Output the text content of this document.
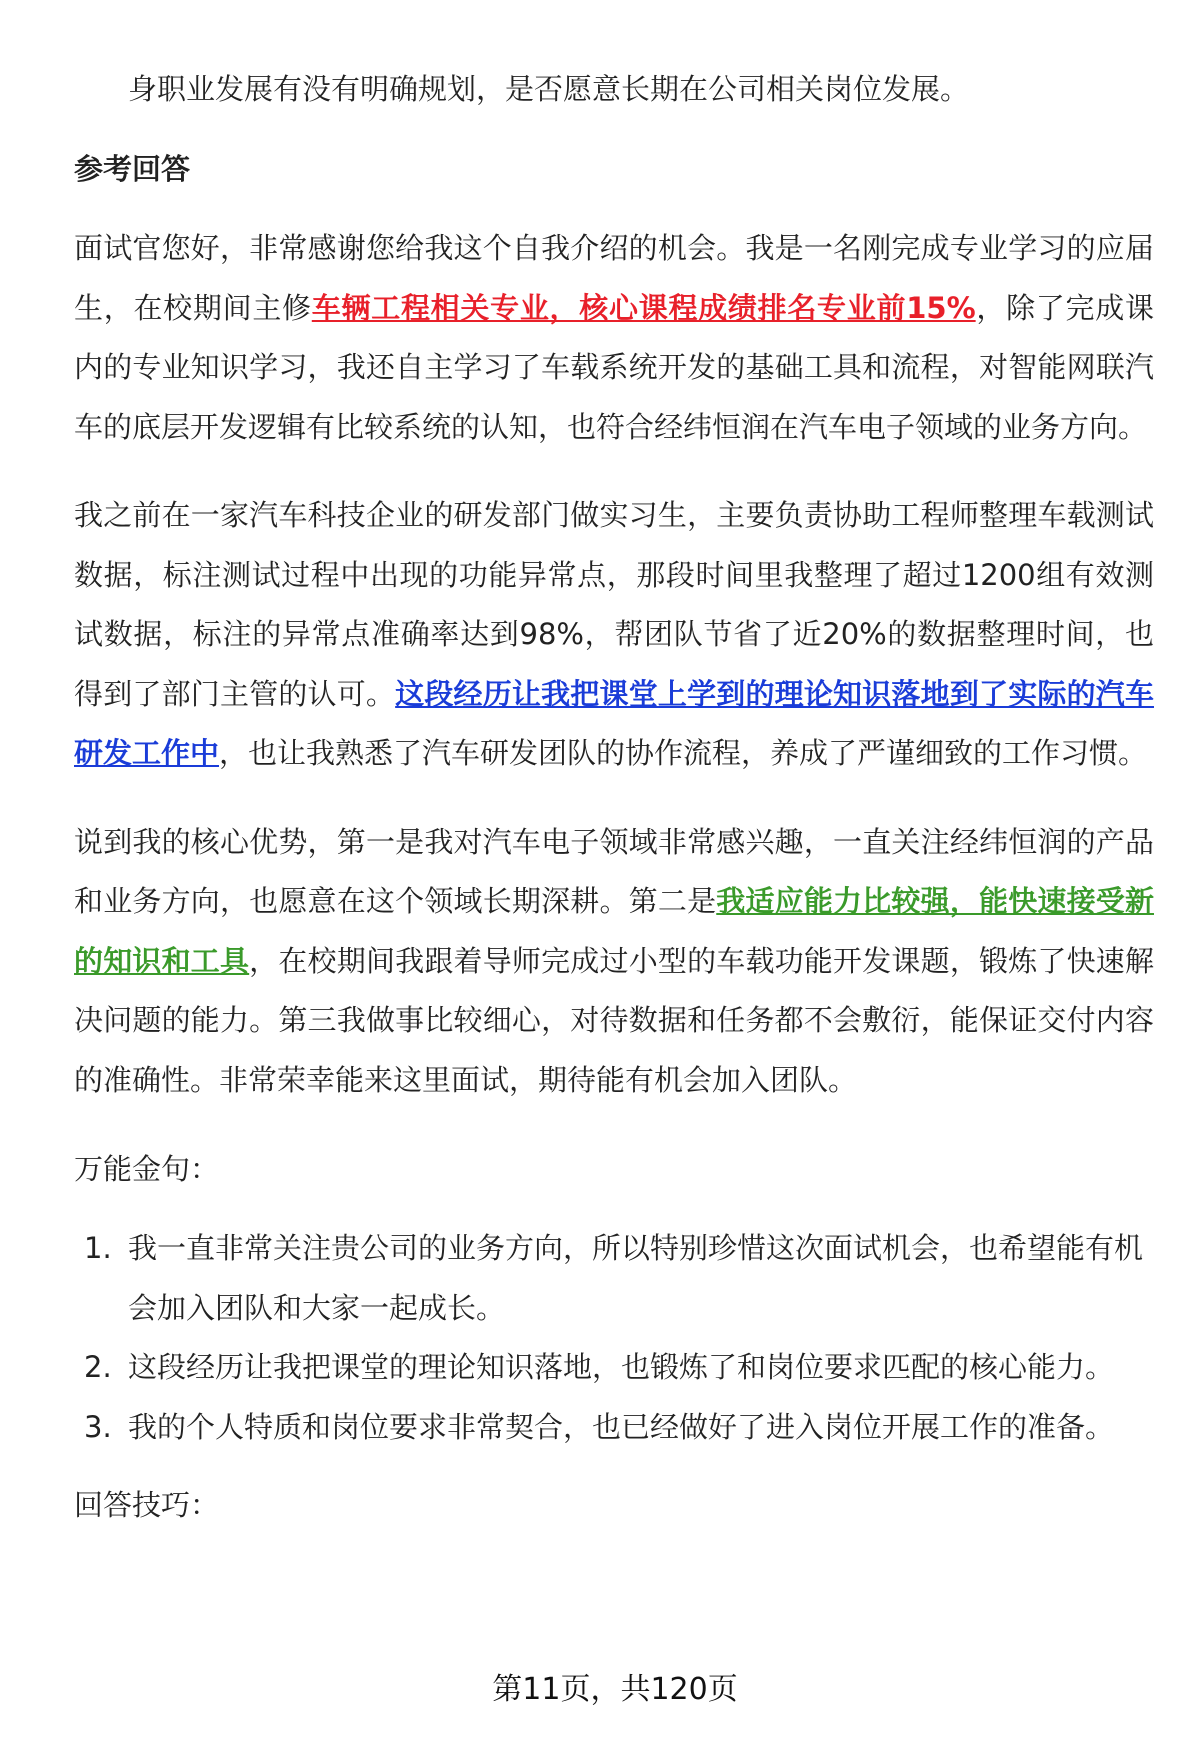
身职业发展有没有明确规划，是否愿意长期在公司相关岗位发展。

参考回答

面试官您好，非常感谢您给我这个自我介绍的机会。我是一名刚完成专业学习的应届生，在校期间主修车辆工程相关专业，核心课程成绩排名专业前15%，除了完成课内的专业知识学习，我还自主学习了车载系统开发的基础工具和流程，对智能网联汽车的底层开发逻辑有比较系统的认知，也符合经纬恒润在汽车电子领域的业务方向。

我之前在一家汽车科技企业的研发部门做实习生，主要负责协助工程师整理车载测试数据，标注测试过程中出现的功能异常点，那段时间里我整理了超过1200组有效测试数据，标注的异常点准确率达到98%，帮团队节省了近20%的数据整理时间，也得到了部门主管的认可。这段经历让我把课堂上学到的理论知识落地到了实际的汽车研发工作中，也让我熟悉了汽车研发团队的协作流程，养成了严谨细致的工作习惯。

说到我的核心优势，第一是我对汽车电子领域非常感兴趣，一直关注经纬恒润的产品和业务方向，也愿意在这个领域长期深耕。第二是我适应能力比较强，能快速接受新的知识和工具，在校期间我跟着导师完成过小型的车载功能开发课题，锻炼了快速解决问题的能力。第三我做事比较细心，对待数据和任务都不会敷衍，能保证交付内容的准确性。非常荣幸能来这里面试，期待能有机会加入团队。

万能金句：
1. 我一直非常关注贵公司的业务方向，所以特别珍惜这次面试机会，也希望能有机会加入团队和大家一起成长。
2. 这段经历让我把课堂的理论知识落地，也锻炼了和岗位要求匹配的核心能力。
3. 我的个人特质和岗位要求非常契合，也已经做好了进入岗位开展工作的准备。
回答技巧：
第11页，共120页
